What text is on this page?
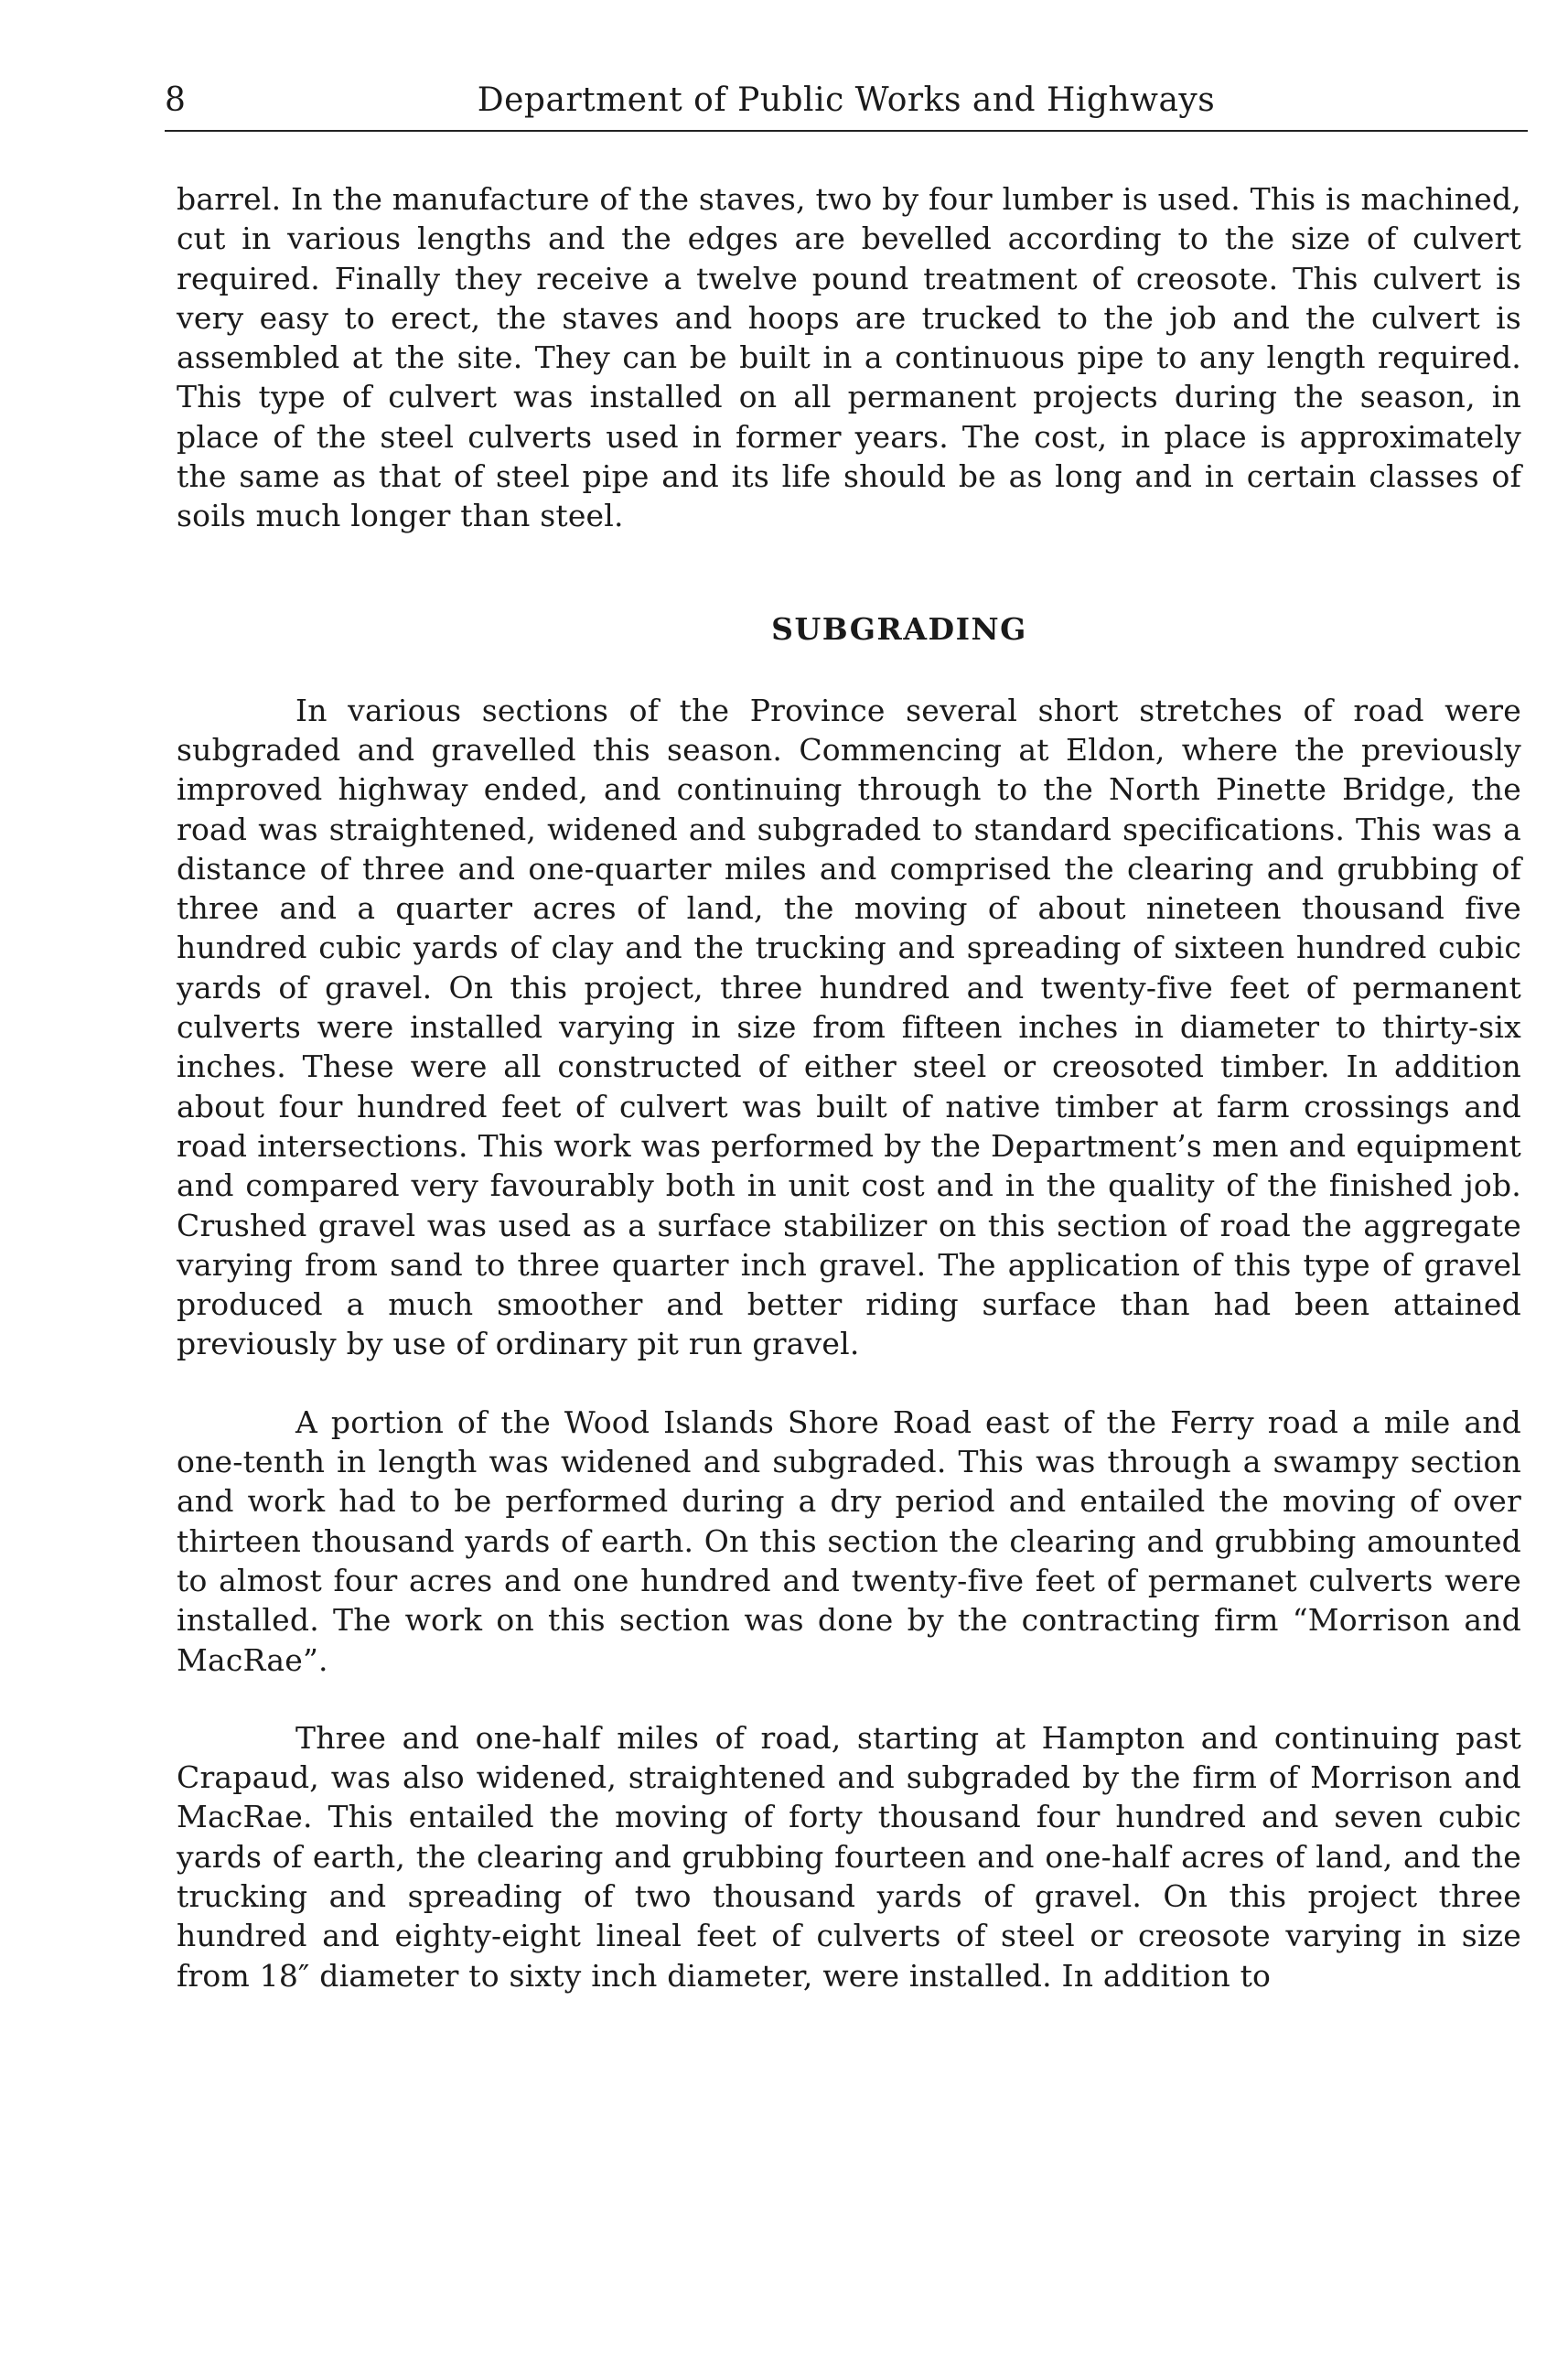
8	Department of Public Works and Highways

barrel. In the manufacture of the staves, two by four lumber is used. This is machined, cut in various lengths and the edges are bevelled according to the size of culvert required. Finally they receive a twelve pound treatment of creosote. This culvert is very easy to erect, the staves and hoops are trucked to the job and the culvert is assembled at the site. They can be built in a continuous pipe to any length required. This type of culvert was installed on all permanent projects during the season, in place of the steel culverts used in former years. The cost, in place is approximately the same as that of steel pipe and its life should be as long and in certain classes of soils much longer than steel.

SUBGRADING

In various sections of the Province several short stretches of road were subgraded and gravelled this season. Commencing at Eldon, where the previously improved highway ended, and continuing through to the North Pinette Bridge, the road was straightened, widened and subgraded to standard specifications. This was a distance of three and one-quarter miles and comprised the clearing and grubbing of three and a quarter acres of land, the moving of about nineteen thousand five hundred cubic yards of clay and the trucking and spreading of sixteen hundred cubic yards of gravel. On this project, three hundred and twenty-five feet of permanent culverts were installed varying in size from fifteen inches in diameter to thirty-six inches. These were all constructed of either steel or creosoted timber. In addition about four hundred feet of culvert was built of native timber at farm crossings and road intersections. This work was performed by the Department’s men and equipment and compared very favourably both in unit cost and in the quality of the finished job. Crushed gravel was used as a surface stabilizer on this section of road the aggregate varying from sand to three quarter inch gravel. The application of this type of gravel produced a much smoother and better riding surface than had been attained previously by use of ordinary pit run gravel.

A portion of the Wood Islands Shore Road east of the Ferry road a mile and one-tenth in length was widened and subgraded. This was through a swampy section and work had to be performed during a dry period and entailed the moving of over thirteen thousand yards of earth. On this section the clearing and grubbing amounted to almost four acres and one hundred and twenty-five feet of permanet culverts were installed. The work on this section was done by the contracting firm “Morrison and MacRae”.

Three and one-half miles of road, starting at Hampton and continuing past Crapaud, was also widened, straightened and subgraded by the firm of Morrison and MacRae. This entailed the moving of forty thousand four hundred and seven cubic yards of earth, the clearing and grubbing fourteen and one-half acres of land, and the trucking and spreading of two thousand yards of gravel. On this project three hundred and eighty-eight lineal feet of culverts of steel or creosote varying in size from 18″ diameter to sixty inch diameter, were installed. In addition to
